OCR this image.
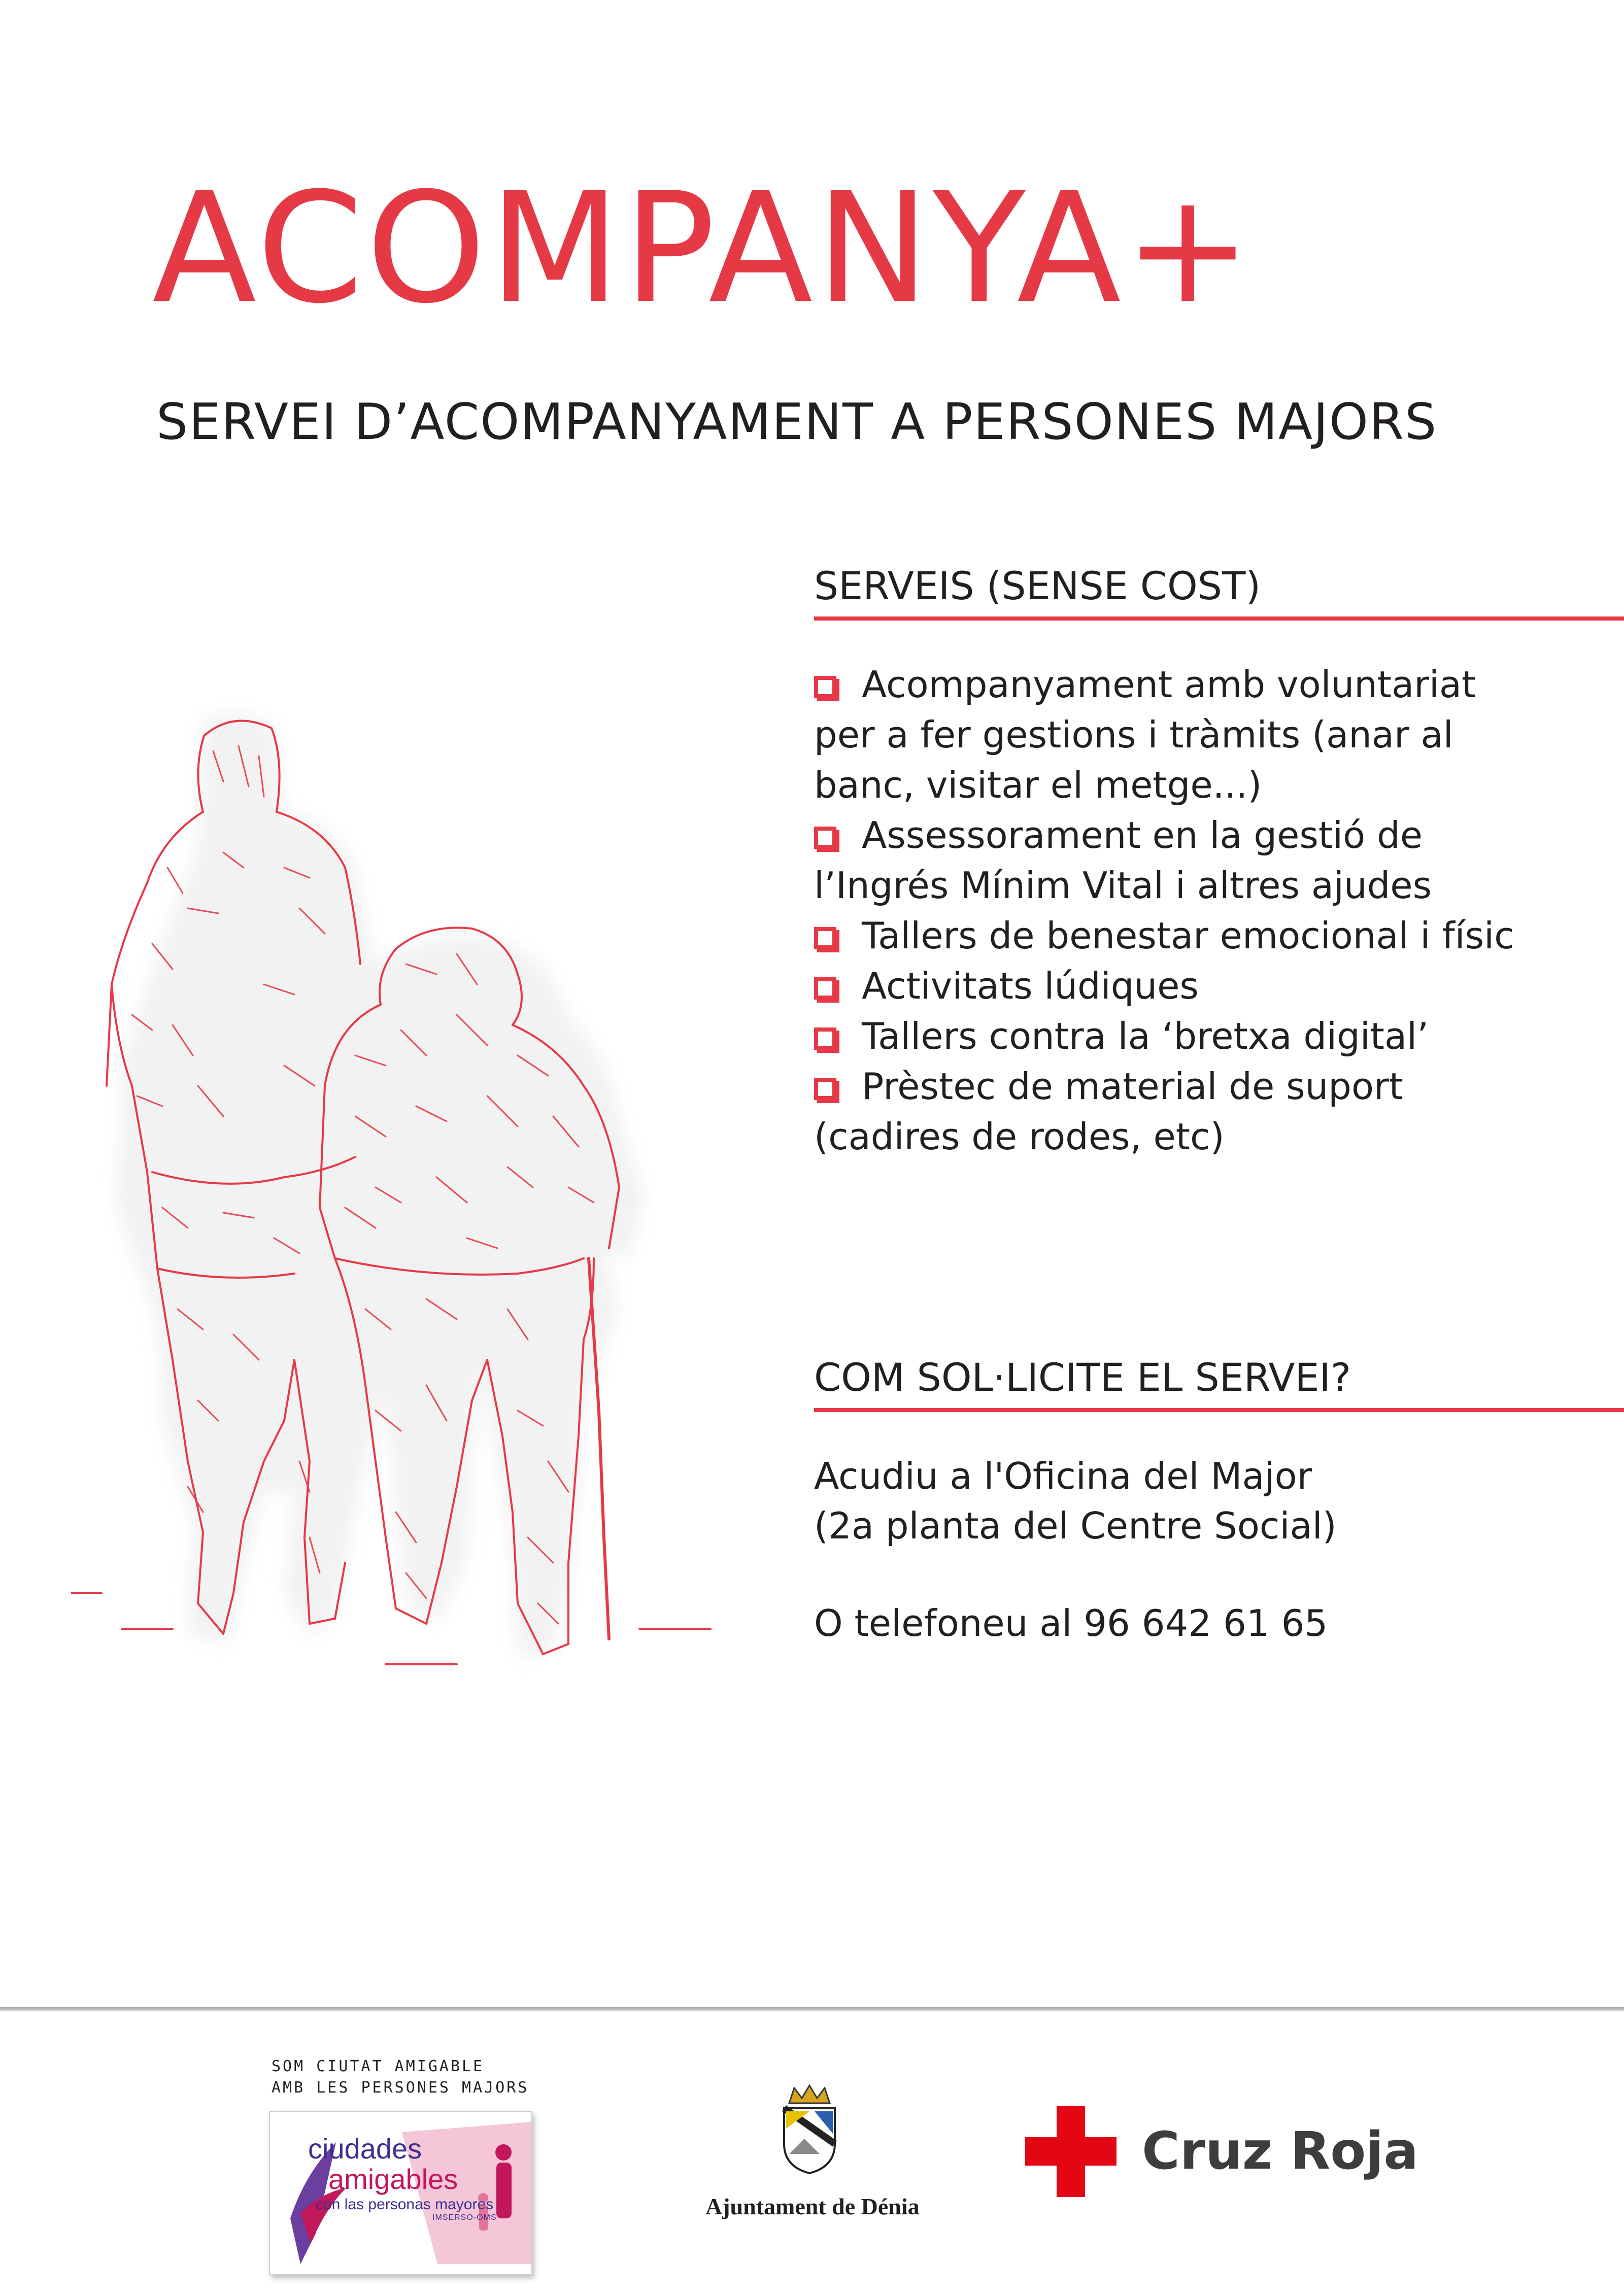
ACOMPANYA+
SERVEI D’ACOMPANYAMENT A PERSONES MAJORS
SERVEIS (SENSE COST)
Acompanyament amb voluntariat
per a fer gestions i tràmits (anar al
banc, visitar el metge...)
Assessorament en la gestió de
l’Ingrés Mínim Vital i altres ajudes
Tallers de benestar emocional i físic
Activitats lúdiques
Tallers contra la ‘bretxa digital’
Prèstec de material de suport
(cadires de rodes, etc)
COM SOL·LICITE EL SERVEI?
Acudiu a l'Oficina del Major
(2a planta del Centre Social)
O telefoneu al 96 642 61 65
SOM CIUTAT AMIGABLE
AMB LES PERSONES MAJORS
ciudades
amigables
con las personas mayores
IMSERSO-OMS	Ajuntament de Dénia
Cruz Roja
